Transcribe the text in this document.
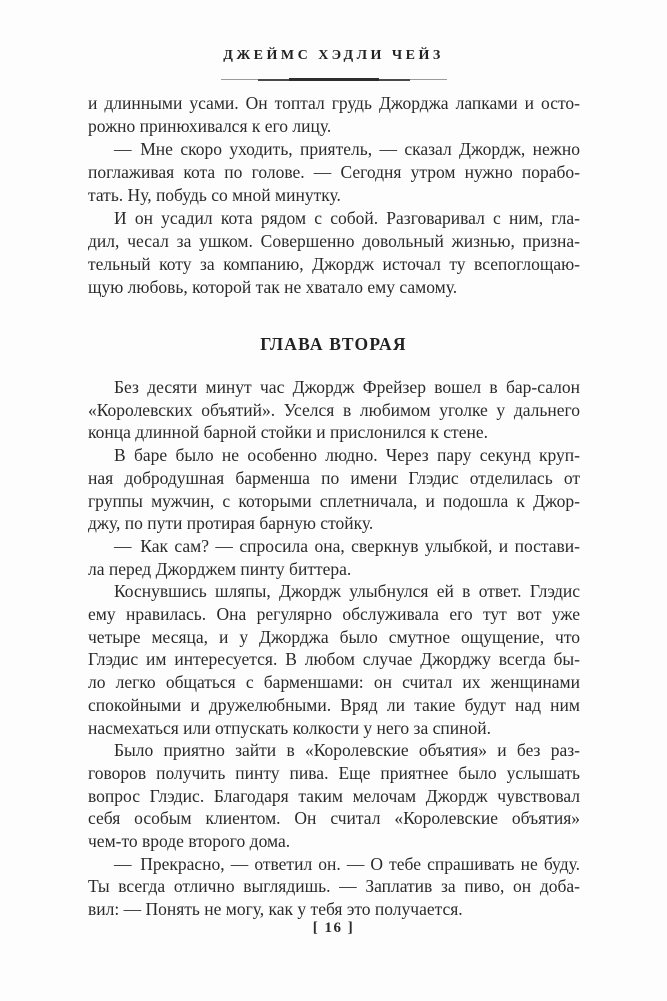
ДЖЕЙМС ХЭДЛИ ЧЕЙЗ
и длинными усами. Он топтал грудь Джорджа лапками и осто-
рожно принюхивался к его лицу.
— Мне скоро уходить, приятель, — сказал Джордж, нежно
поглаживая кота по голове. — Сегодня утром нужно порабо-
тать. Ну, побудь со мной минутку.
И он усадил кота рядом с собой. Разговаривал с ним, гла-
дил, чесал за ушком. Совершенно довольный жизнью, призна-
тельный коту за компанию, Джордж источал ту всепоглощаю-
щую любовь, которой так не хватало ему самому.
ГЛАВА ВТОРАЯ
Без десяти минут час Джордж Фрейзер вошел в бар-салон
«Королевских объятий». Уселся в любимом уголке у дальнего
конца длинной барной стойки и прислонился к стене.
В баре было не особенно людно. Через пару секунд круп-
ная добродушная барменша по имени Глэдис отделилась от
группы мужчин, с которыми сплетничала, и подошла к Джор-
джу, по пути протирая барную стойку.
— Как сам? — спросила она, сверкнув улыбкой, и постави-
ла перед Джорджем пинту биттера.
Коснувшись шляпы, Джордж улыбнулся ей в ответ. Глэдис
ему нравилась. Она регулярно обслуживала его тут вот уже
четыре месяца, и у Джорджа было смутное ощущение, что
Глэдис им интересуется. В любом случае Джорджу всегда бы-
ло легко общаться с барменшами: он считал их женщинами
спокойными и дружелюбными. Вряд ли такие будут над ним
насмехаться или отпускать колкости у него за спиной.
Было приятно зайти в «Королевские объятия» и без раз-
говоров получить пинту пива. Еще приятнее было услышать
вопрос Глэдис. Благодаря таким мелочам Джордж чувствовал
себя особым клиентом. Он считал «Королевские объятия»
чем-то вроде второго дома.
— Прекрасно, — ответил он. — О тебе спрашивать не буду.
Ты всегда отлично выглядишь. — Заплатив за пиво, он доба-
вил: — Понять не могу, как у тебя это получается.
[ 16 ]
